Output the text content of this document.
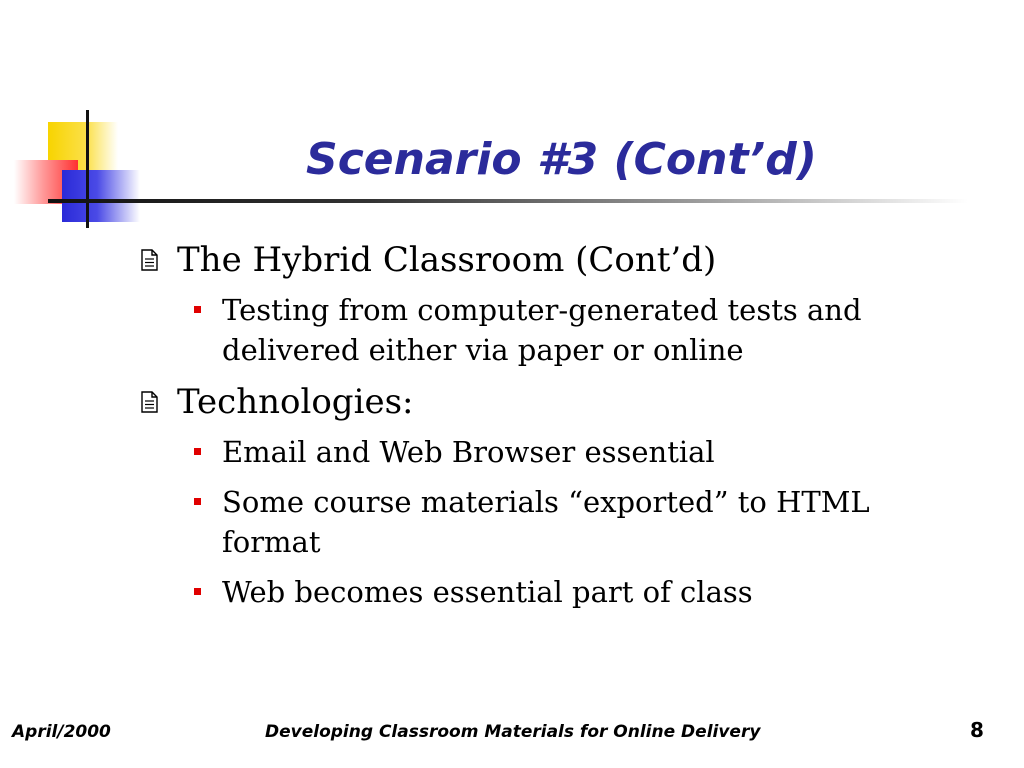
Scenario #3 (Cont’d)
The Hybrid Classroom (Cont’d)
Testing from computer-generated tests and delivered either via paper or online
Technologies:
Email and Web Browser essential
Some course materials “exported” to HTML format
Web becomes essential part of class
April/2000	Developing Classroom Materials for Online Delivery	8
